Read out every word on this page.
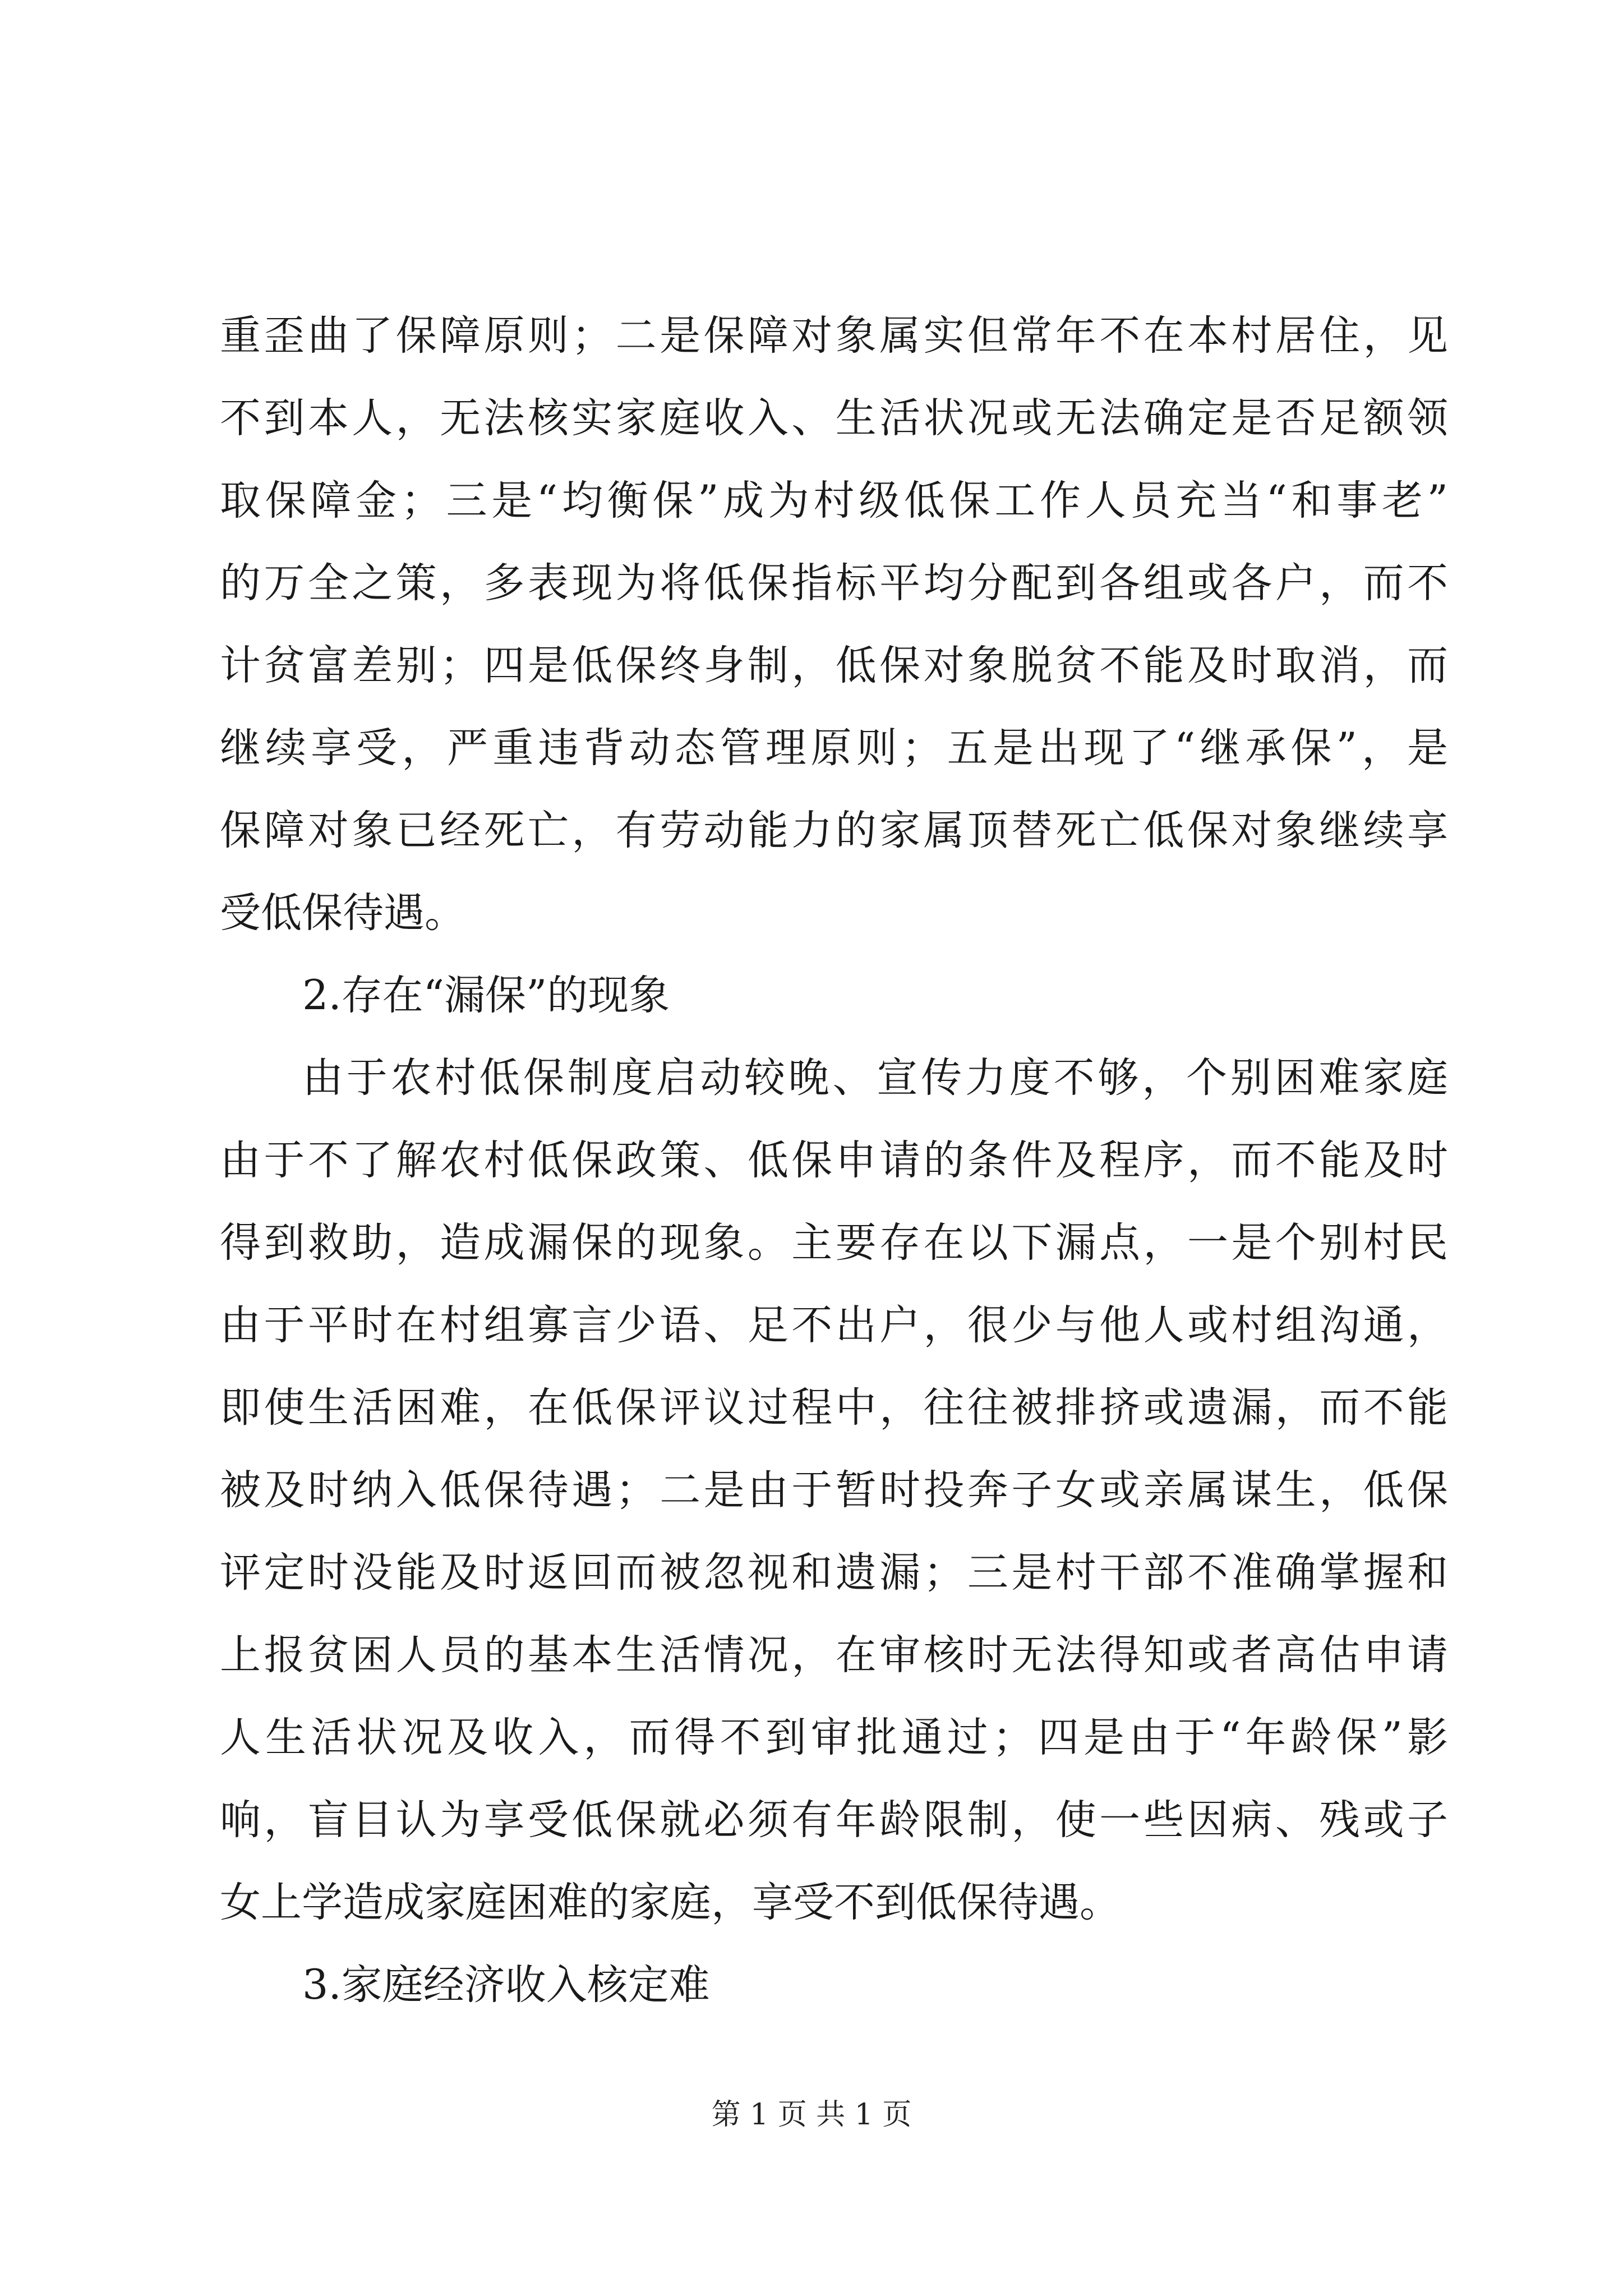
重歪曲了保障原则；二是保障对象属实但常年不在本村居住，见
不到本人，无法核实家庭收入、生活状况或无法确定是否足额领
取保障金；三是“均衡保”成为村级低保工作人员充当“和事老”
的万全之策，多表现为将低保指标平均分配到各组或各户，而不
计贫富差别；四是低保终身制，低保对象脱贫不能及时取消，而
继续享受，严重违背动态管理原则；五是出现了“继承保”，是
保障对象已经死亡，有劳动能力的家属顶替死亡低保对象继续享
受低保待遇。
2.存在“漏保”的现象
由于农村低保制度启动较晚、宣传力度不够，个别困难家庭
由于不了解农村低保政策、低保申请的条件及程序，而不能及时
得到救助，造成漏保的现象。主要存在以下漏点，一是个别村民
由于平时在村组寡言少语、足不出户，很少与他人或村组沟通，
即使生活困难，在低保评议过程中，往往被排挤或遗漏，而不能
被及时纳入低保待遇；二是由于暂时投奔子女或亲属谋生，低保
评定时没能及时返回而被忽视和遗漏；三是村干部不准确掌握和
上报贫困人员的基本生活情况，在审核时无法得知或者高估申请
人生活状况及收入，而得不到审批通过；四是由于“年龄保”影
响，盲目认为享受低保就必须有年龄限制，使一些因病、残或子
女上学造成家庭困难的家庭，享受不到低保待遇。
3.家庭经济收入核定难
第 1 页 共 1 页
